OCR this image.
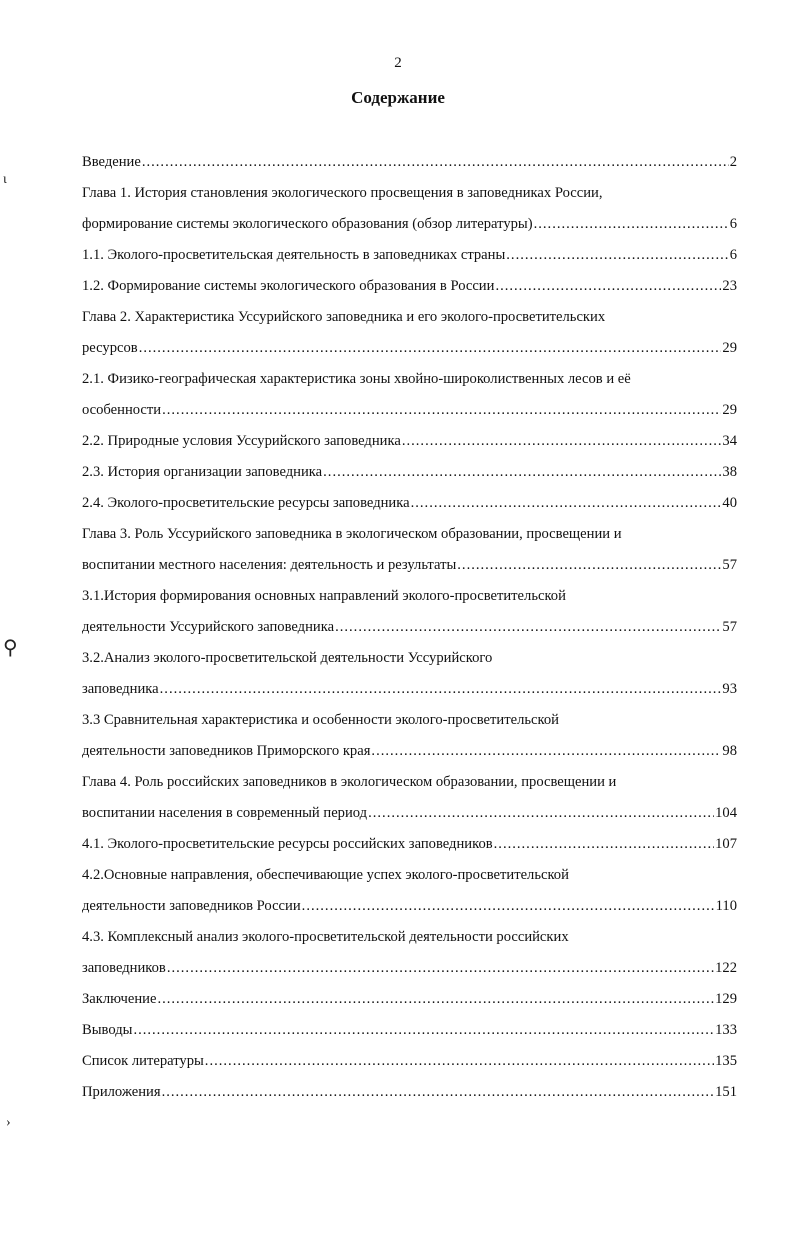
2
Содержание
ɩ
⚲
›
Введение .....	2
Глава 1. История становления экологического просвещения в заповедниках России,
формирование системы экологического образования (обзор литературы) .....	6
1.1. Эколого-просветительская деятельность в заповедниках страны .....	6
1.2. Формирование системы экологического образования в России .....	23
Глава 2. Характеристика Уссурийского заповедника и его эколого-просветительских
ресурсов .....	29
2.1. Физико-географическая характеристика зоны хвойно-широколиственных лесов и её
особенности .....	29
2.2. Природные условия Уссурийского заповедника .....	34
2.3. История организации заповедника .....	38
2.4. Эколого-просветительские ресурсы заповедника .....	40
Глава 3. Роль Уссурийского заповедника в экологическом образовании, просвещении и
воспитании местного населения: деятельность и результаты .....	57
3.1.История формирования основных направлений эколого-просветительской
деятельности Уссурийского заповедника .....	57
3.2.Анализ эколого-просветительской деятельности Уссурийского
заповедника .....	93
3.3 Сравнительная характеристика и особенности эколого-просветительской
деятельности заповедников Приморского края .....	98
Глава 4. Роль российских заповедников в экологическом образовании, просвещении и
воспитании населения в современный период .....	104
4.1. Эколого-просветительские ресурсы российских заповедников .....	107
4.2.Основные направления, обеспечивающие успех эколого-просветительской
деятельности заповедников России .....	110
4.3. Комплексный анализ эколого-просветительской деятельности российских
заповедников .....	122
Заключение .....	129
Выводы .....	133
Список литературы .....	135
Приложения .....	151
